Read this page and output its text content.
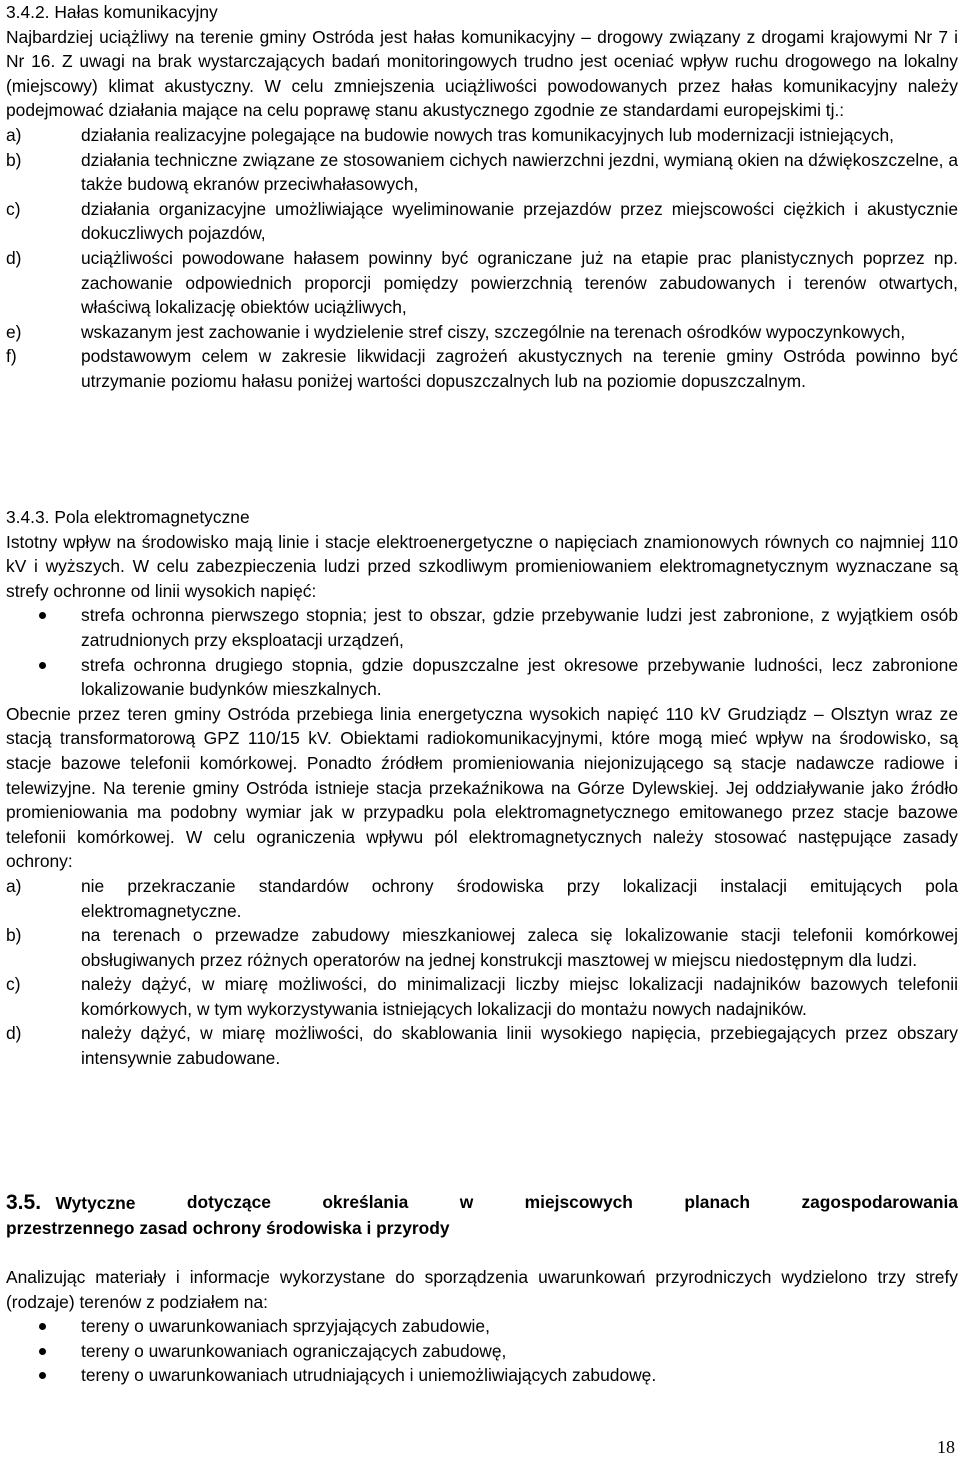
3.4.2. Hałas komunikacyjny

Najbardziej uciążliwy na terenie gminy Ostróda jest hałas komunikacyjny – drogowy związany z drogami krajowymi Nr 7 i Nr 16. Z uwagi na brak wystarczających badań monitoringowych trudno jest oceniać wpływ ruchu drogowego na lokalny (miejscowy) klimat akustyczny. W celu zmniejszenia uciążliwości powodowanych przez hałas komunikacyjny należy podejmować działania mające na celu poprawę stanu akustycznego zgodnie ze standardami europejskimi tj.:

a)	działania realizacyjne polegające na budowie nowych tras komunikacyjnych lub modernizacji istniejących,
b)	działania techniczne związane ze stosowaniem cichych nawierzchni jezdni, wymianą okien na dźwiękoszczelne, a także budową ekranów przeciwhałasowych,
c)	działania organizacyjne umożliwiające wyeliminowanie przejazdów przez miejscowości ciężkich i akustycznie dokuczliwych pojazdów,
d)	uciążliwości powodowane hałasem powinny być ograniczane już na etapie prac planistycznych poprzez np. zachowanie odpowiednich proporcji pomiędzy powierzchnią terenów zabudowanych i terenów otwartych, właściwą lokalizację obiektów uciążliwych,
e)	wskazanym jest zachowanie i wydzielenie stref ciszy, szczególnie na terenach ośrodków wypoczynkowych,
f)	podstawowym celem w zakresie likwidacji zagrożeń akustycznych na terenie gminy Ostróda powinno być utrzymanie poziomu hałasu poniżej wartości dopuszczalnych lub na poziomie dopuszczalnym.

3.4.3. Pola elektromagnetyczne

Istotny wpływ na środowisko mają linie i stacje elektroenergetyczne o napięciach znamionowych równych co najmniej 110 kV i wyższych. W celu zabezpieczenia ludzi przed szkodliwym promieniowaniem elektromagnetycznym wyznaczane są strefy ochronne od linii wysokich napięć:

strefa ochronna pierwszego stopnia; jest to obszar, gdzie przebywanie ludzi jest zabronione, z wyjątkiem osób zatrudnionych przy eksploatacji urządzeń,
strefa ochronna drugiego stopnia, gdzie dopuszczalne jest okresowe przebywanie ludności, lecz zabronione lokalizowanie budynków mieszkalnych.

Obecnie przez teren gminy Ostróda przebiega linia energetyczna wysokich napięć 110 kV Grudziądz – Olsztyn wraz ze stacją transformatorową GPZ 110/15 kV. Obiektami radiokomunikacyjnymi, które mogą mieć wpływ na środowisko, są stacje bazowe telefonii komórkowej. Ponadto źródłem promieniowania niejonizującego są stacje nadawcze radiowe i telewizyjne. Na terenie gminy Ostróda istnieje stacja przekaźnikowa na Górze Dylewskiej. Jej oddziaływanie jako źródło promieniowania ma podobny wymiar jak w przypadku pola elektromagnetycznego emitowanego przez stacje bazowe telefonii komórkowej. W celu ograniczenia wpływu pól elektromagnetycznych należy stosować następujące zasady ochrony:

a)	nie przekraczanie standardów ochrony środowiska przy lokalizacji instalacji emitujących pola elektromagnetyczne.
b)	na terenach o przewadze zabudowy mieszkaniowej zaleca się lokalizowanie stacji telefonii komórkowej obsługiwanych przez różnych operatorów na jednej konstrukcji masztowej w miejscu niedostępnym dla ludzi.
c)	należy dążyć, w miarę możliwości, do minimalizacji liczby miejsc lokalizacji nadajników bazowych telefonii komórkowych, w tym wykorzystywania istniejących lokalizacji do montażu nowych nadajników.
d)	należy dążyć, w miarę możliwości, do skablowania linii wysokiego napięcia, przebiegających przez obszary intensywnie zabudowane.
3.5. Wytyczne	dotyczące	określania	w	miejscowych	planach	zagospodarowania
przestrzennego zasad ochrony środowiska i przyrody

Analizując materiały i informacje wykorzystane do sporządzenia uwarunkowań przyrodniczych wydzielono trzy strefy (rodzaje) terenów z podziałem na:

tereny o uwarunkowaniach sprzyjających zabudowie,
tereny o uwarunkowaniach ograniczających zabudowę,
tereny o uwarunkowaniach utrudniających i uniemożliwiających zabudowę.
18
